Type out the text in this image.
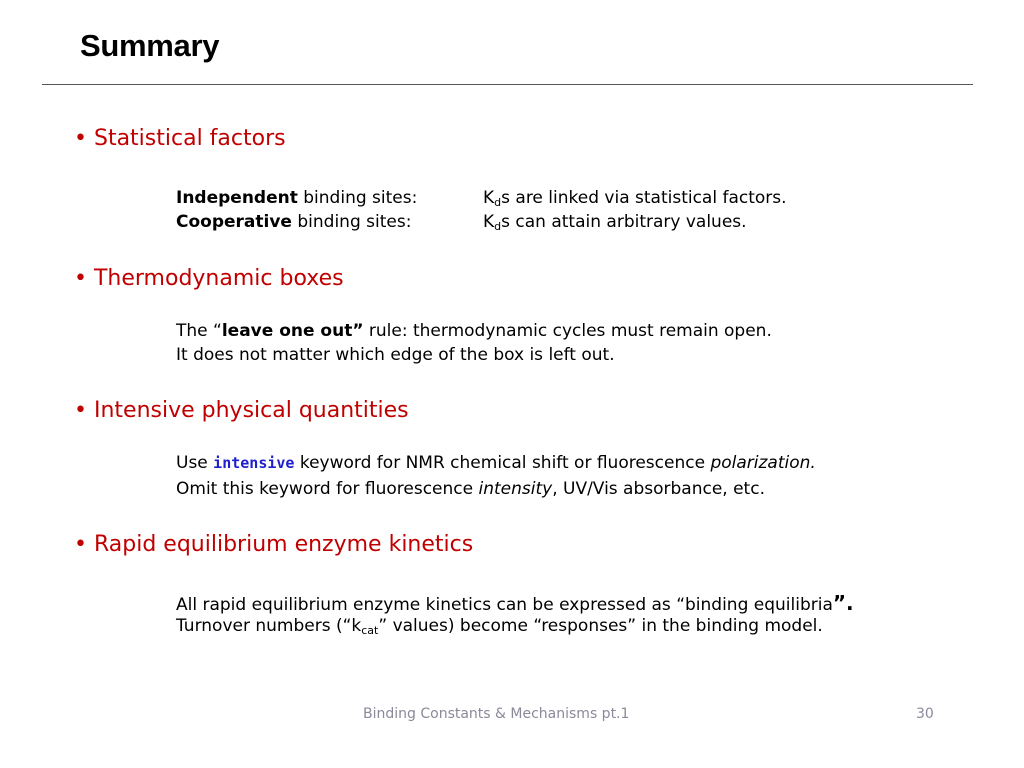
Summary
• Statistical factors
Independent binding sites:	$K_ds$ are linked via statistical factors.
Cooperative binding sites:	$K_ds$ can attain arbitrary values.
• Thermodynamic boxes
The “leave one out” rule: thermodynamic cycles must remain open.
It does not matter which edge of the box is left out.
• Intensive physical quantities
Use intensive keyword for NMR chemical shift or fluorescence polarization.
Omit this keyword for fluorescence intensity, UV/Vis absorbance, etc.
• Rapid equilibrium enzyme kinetics
All rapid equilibrium enzyme kinetics can be expressed as “binding equilibria”.
Turnover numbers (“$k_{cat}$” values) become “responses” in the binding model.
Binding Constants & Mechanisms pt.1	30
